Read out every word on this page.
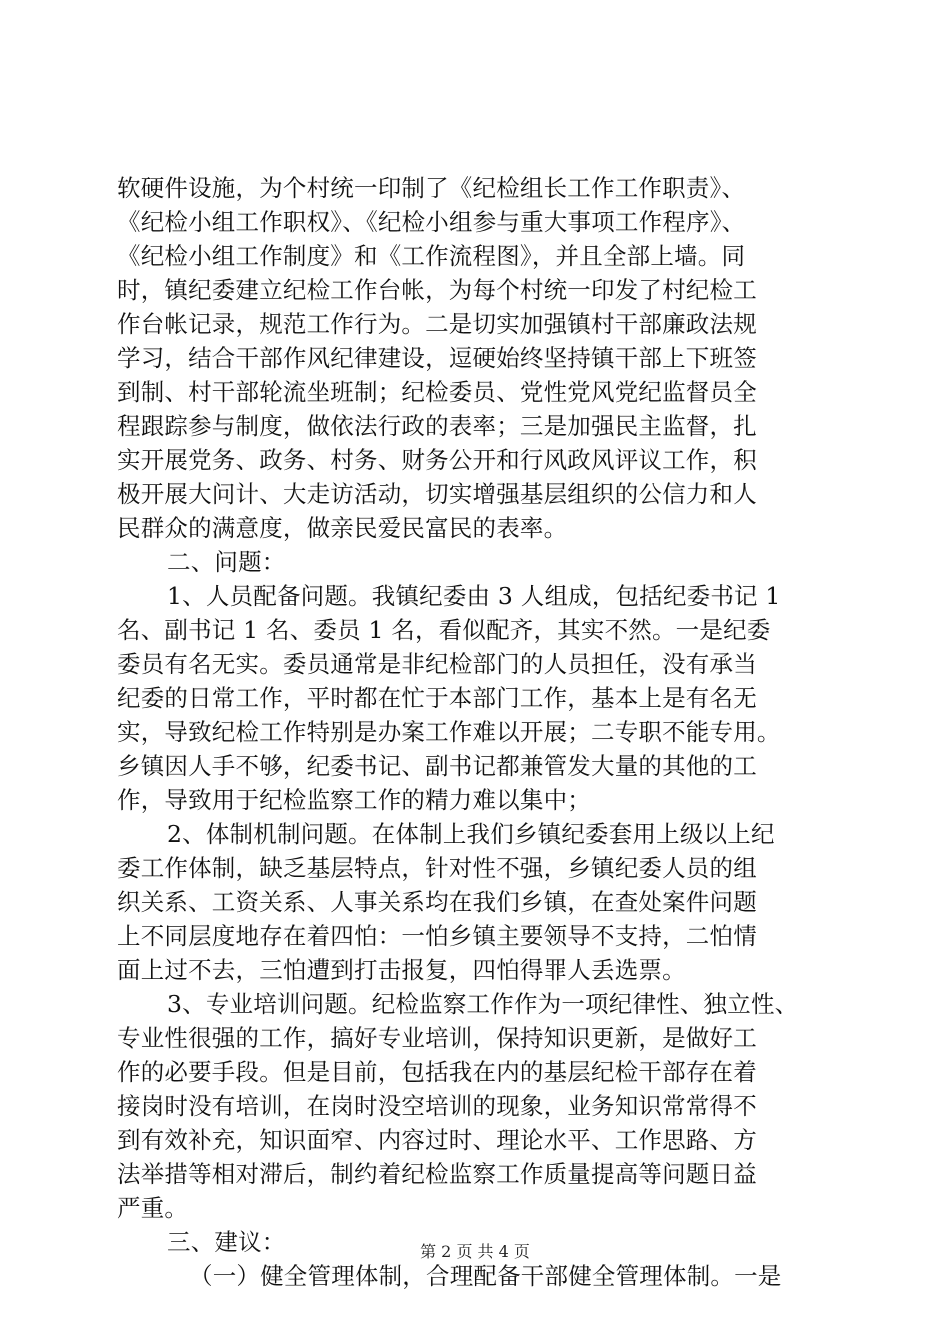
软硬件设施，为个村统一印制了《纪检组长工作工作职责》、
《纪检小组工作职权》、《纪检小组参与重大事项工作程序》、
《纪检小组工作制度》和《工作流程图》，并且全部上墙。同
时，镇纪委建立纪检工作台帐，为每个村统一印发了村纪检工
作台帐记录，规范工作行为。二是切实加强镇村干部廉政法规
学习，结合干部作风纪律建设，逗硬始终坚持镇干部上下班签
到制、村干部轮流坐班制；纪检委员、党性党风党纪监督员全
程跟踪参与制度，做依法行政的表率；三是加强民主监督，扎
实开展党务、政务、村务、财务公开和行风政风评议工作，积
极开展大问计、大走访活动，切实增强基层组织的公信力和人
民群众的满意度，做亲民爱民富民的表率。
二、问题：
1、人员配备问题。我镇纪委由 3 人组成，包括纪委书记 1
名、副书记 1 名、委员 1 名，看似配齐，其实不然。一是纪委
委员有名无实。委员通常是非纪检部门的人员担任，没有承当
纪委的日常工作，平时都在忙于本部门工作，基本上是有名无
实，导致纪检工作特别是办案工作难以开展；二专职不能专用。
乡镇因人手不够，纪委书记、副书记都兼管发大量的其他的工
作，导致用于纪检监察工作的精力难以集中；
2、体制机制问题。在体制上我们乡镇纪委套用上级以上纪
委工作体制，缺乏基层特点，针对性不强，乡镇纪委人员的组
织关系、工资关系、人事关系均在我们乡镇，在查处案件问题
上不同层度地存在着四怕：一怕乡镇主要领导不支持，二怕情
面上过不去，三怕遭到打击报复，四怕得罪人丢选票。
3、专业培训问题。纪检监察工作作为一项纪律性、独立性、
专业性很强的工作，搞好专业培训，保持知识更新，是做好工
作的必要手段。但是目前，包括我在内的基层纪检干部存在着
接岗时没有培训，在岗时没空培训的现象，业务知识常常得不
到有效补充，知识面窄、内容过时、理论水平、工作思路、方
法举措等相对滞后，制约着纪检监察工作质量提高等问题日益
严重。
三、建议：
（一）健全管理体制，合理配备干部健全管理体制。一是
第 2 页 共 4 页
